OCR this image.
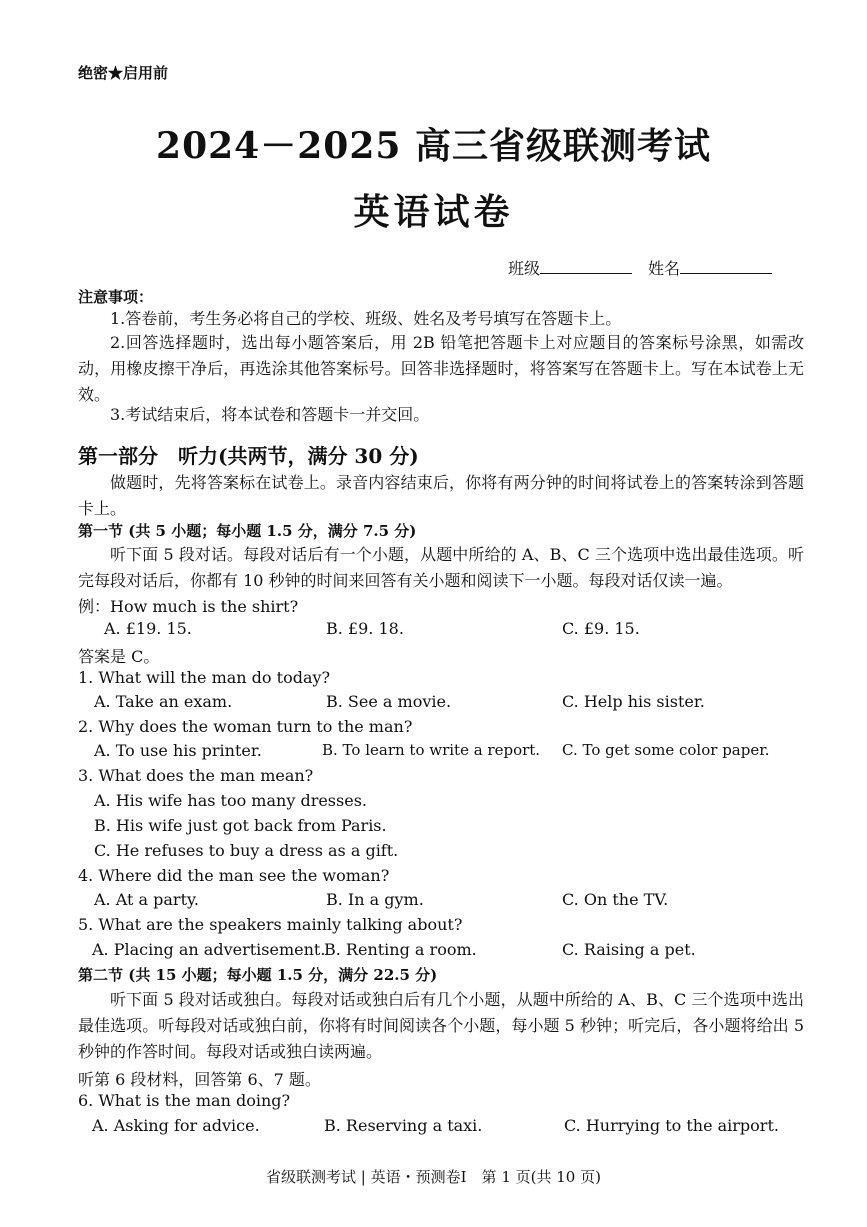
绝密★启用前
2024－2025 高三省级联测考试
英语试卷
班级	姓名
注意事项：
1.答卷前，考生务必将自己的学校、班级、姓名及考号填写在答题卡上。
2.回答选择题时，选出每小题答案后，用 2B 铅笔把答题卡上对应题目的答案标号涂黑，如需改动，用橡皮擦干净后，再选涂其他答案标号。回答非选择题时，将答案写在答题卡上。写在本试卷上无效。
3.考试结束后，将本试卷和答题卡一并交回。
第一部分　听力(共两节，满分 30 分)
做题时，先将答案标在试卷上。录音内容结束后，你将有两分钟的时间将试卷上的答案转涂到答题卡上。
第一节 (共 5 小题；每小题 1.5 分，满分 7.5 分)
听下面 5 段对话。每段对话后有一个小题，从题中所给的 A、B、C 三个选项中选出最佳选项。听完每段对话后，你都有 10 秒钟的时间来回答有关小题和阅读下一小题。每段对话仅读一遍。
例：How much is the shirt?
A. £19. 15.	B. £9. 18.	C. £9. 15.
答案是 C。
1. What will the man do today?
A. Take an exam.	B. See a movie.	C. Help his sister.
2. Why does the woman turn to the man?
A. To use his printer.	B. To learn to write a report. C. To get some color paper.
3. What does the man mean?
A. His wife has too many dresses.
B. His wife just got back from Paris.
C. He refuses to buy a dress as a gift.
4. Where did the man see the woman?
A. At a party.	B. In a gym.	C. On the TV.
5. What are the speakers mainly talking about?
A. Placing an advertisement.
B. Renting a room.	C. Raising a pet.
第二节 (共 15 小题；每小题 1.5 分，满分 22.5 分)
听下面 5 段对话或独白。每段对话或独白后有几个小题，从题中所给的 A、B、C 三个选项中选出最佳选项。听每段对话或独白前，你将有时间阅读各个小题，每小题 5 秒钟；听完后，各小题将给出 5 秒钟的作答时间。每段对话或独白读两遍。
听第 6 段材料，回答第 6、7 题。
6. What is the man doing?
A. Asking for advice.	B. Reserving a taxi.	C. Hurrying to the airport.
省级联测考试 | 英语・预测卷Ⅰ　第 1 页(共 10 页)
